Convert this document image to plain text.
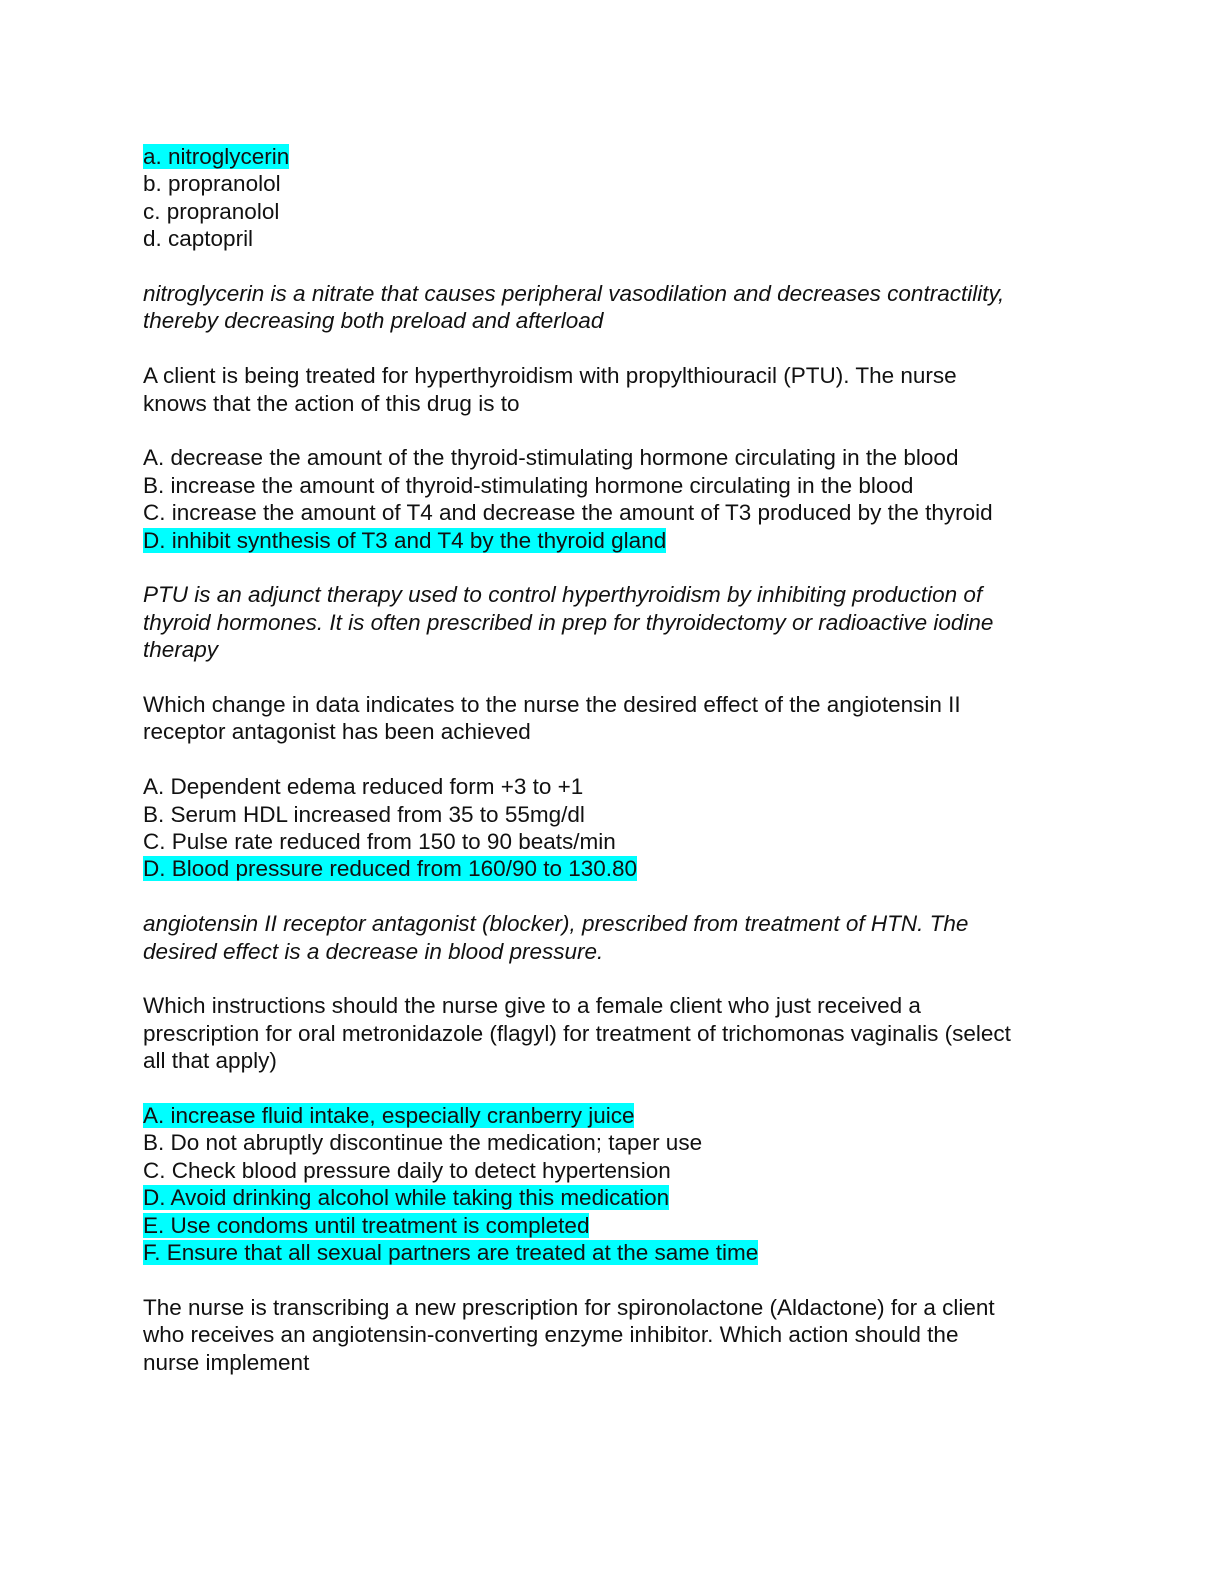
a. nitroglycerin
b. propranolol
c. propranolol
d. captopril
nitroglycerin is a nitrate that causes peripheral vasodilation and decreases contractility,
thereby decreasing both preload and afterload
A client is being treated for hyperthyroidism with propylthiouracil (PTU). The nurse
knows that the action of this drug is to
A. decrease the amount of the thyroid-stimulating hormone circulating in the blood
B. increase the amount of thyroid-stimulating hormone circulating in the blood
C. increase the amount of T4 and decrease the amount of T3 produced by the thyroid
D. inhibit synthesis of T3 and T4 by the thyroid gland
PTU is an adjunct therapy used to control hyperthyroidism by inhibiting production of
thyroid hormones. It is often prescribed in prep for thyroidectomy or radioactive iodine
therapy
Which change in data indicates to the nurse the desired effect of the angiotensin II
receptor antagonist has been achieved
A. Dependent edema reduced form +3 to +1
B. Serum HDL increased from 35 to 55mg/dl
C. Pulse rate reduced from 150 to 90 beats/min
D. Blood pressure reduced from 160/90 to 130.80
angiotensin II receptor antagonist (blocker), prescribed from treatment of HTN. The
desired effect is a decrease in blood pressure.
Which instructions should the nurse give to a female client who just received a
prescription for oral metronidazole (flagyl) for treatment of trichomonas vaginalis (select
all that apply)
A. increase fluid intake, especially cranberry juice
B. Do not abruptly discontinue the medication; taper use
C. Check blood pressure daily to detect hypertension
D. Avoid drinking alcohol while taking this medication
E. Use condoms until treatment is completed
F. Ensure that all sexual partners are treated at the same time
The nurse is transcribing a new prescription for spironolactone (Aldactone) for a client
who receives an angiotensin-converting enzyme inhibitor. Which action should the
nurse implement
